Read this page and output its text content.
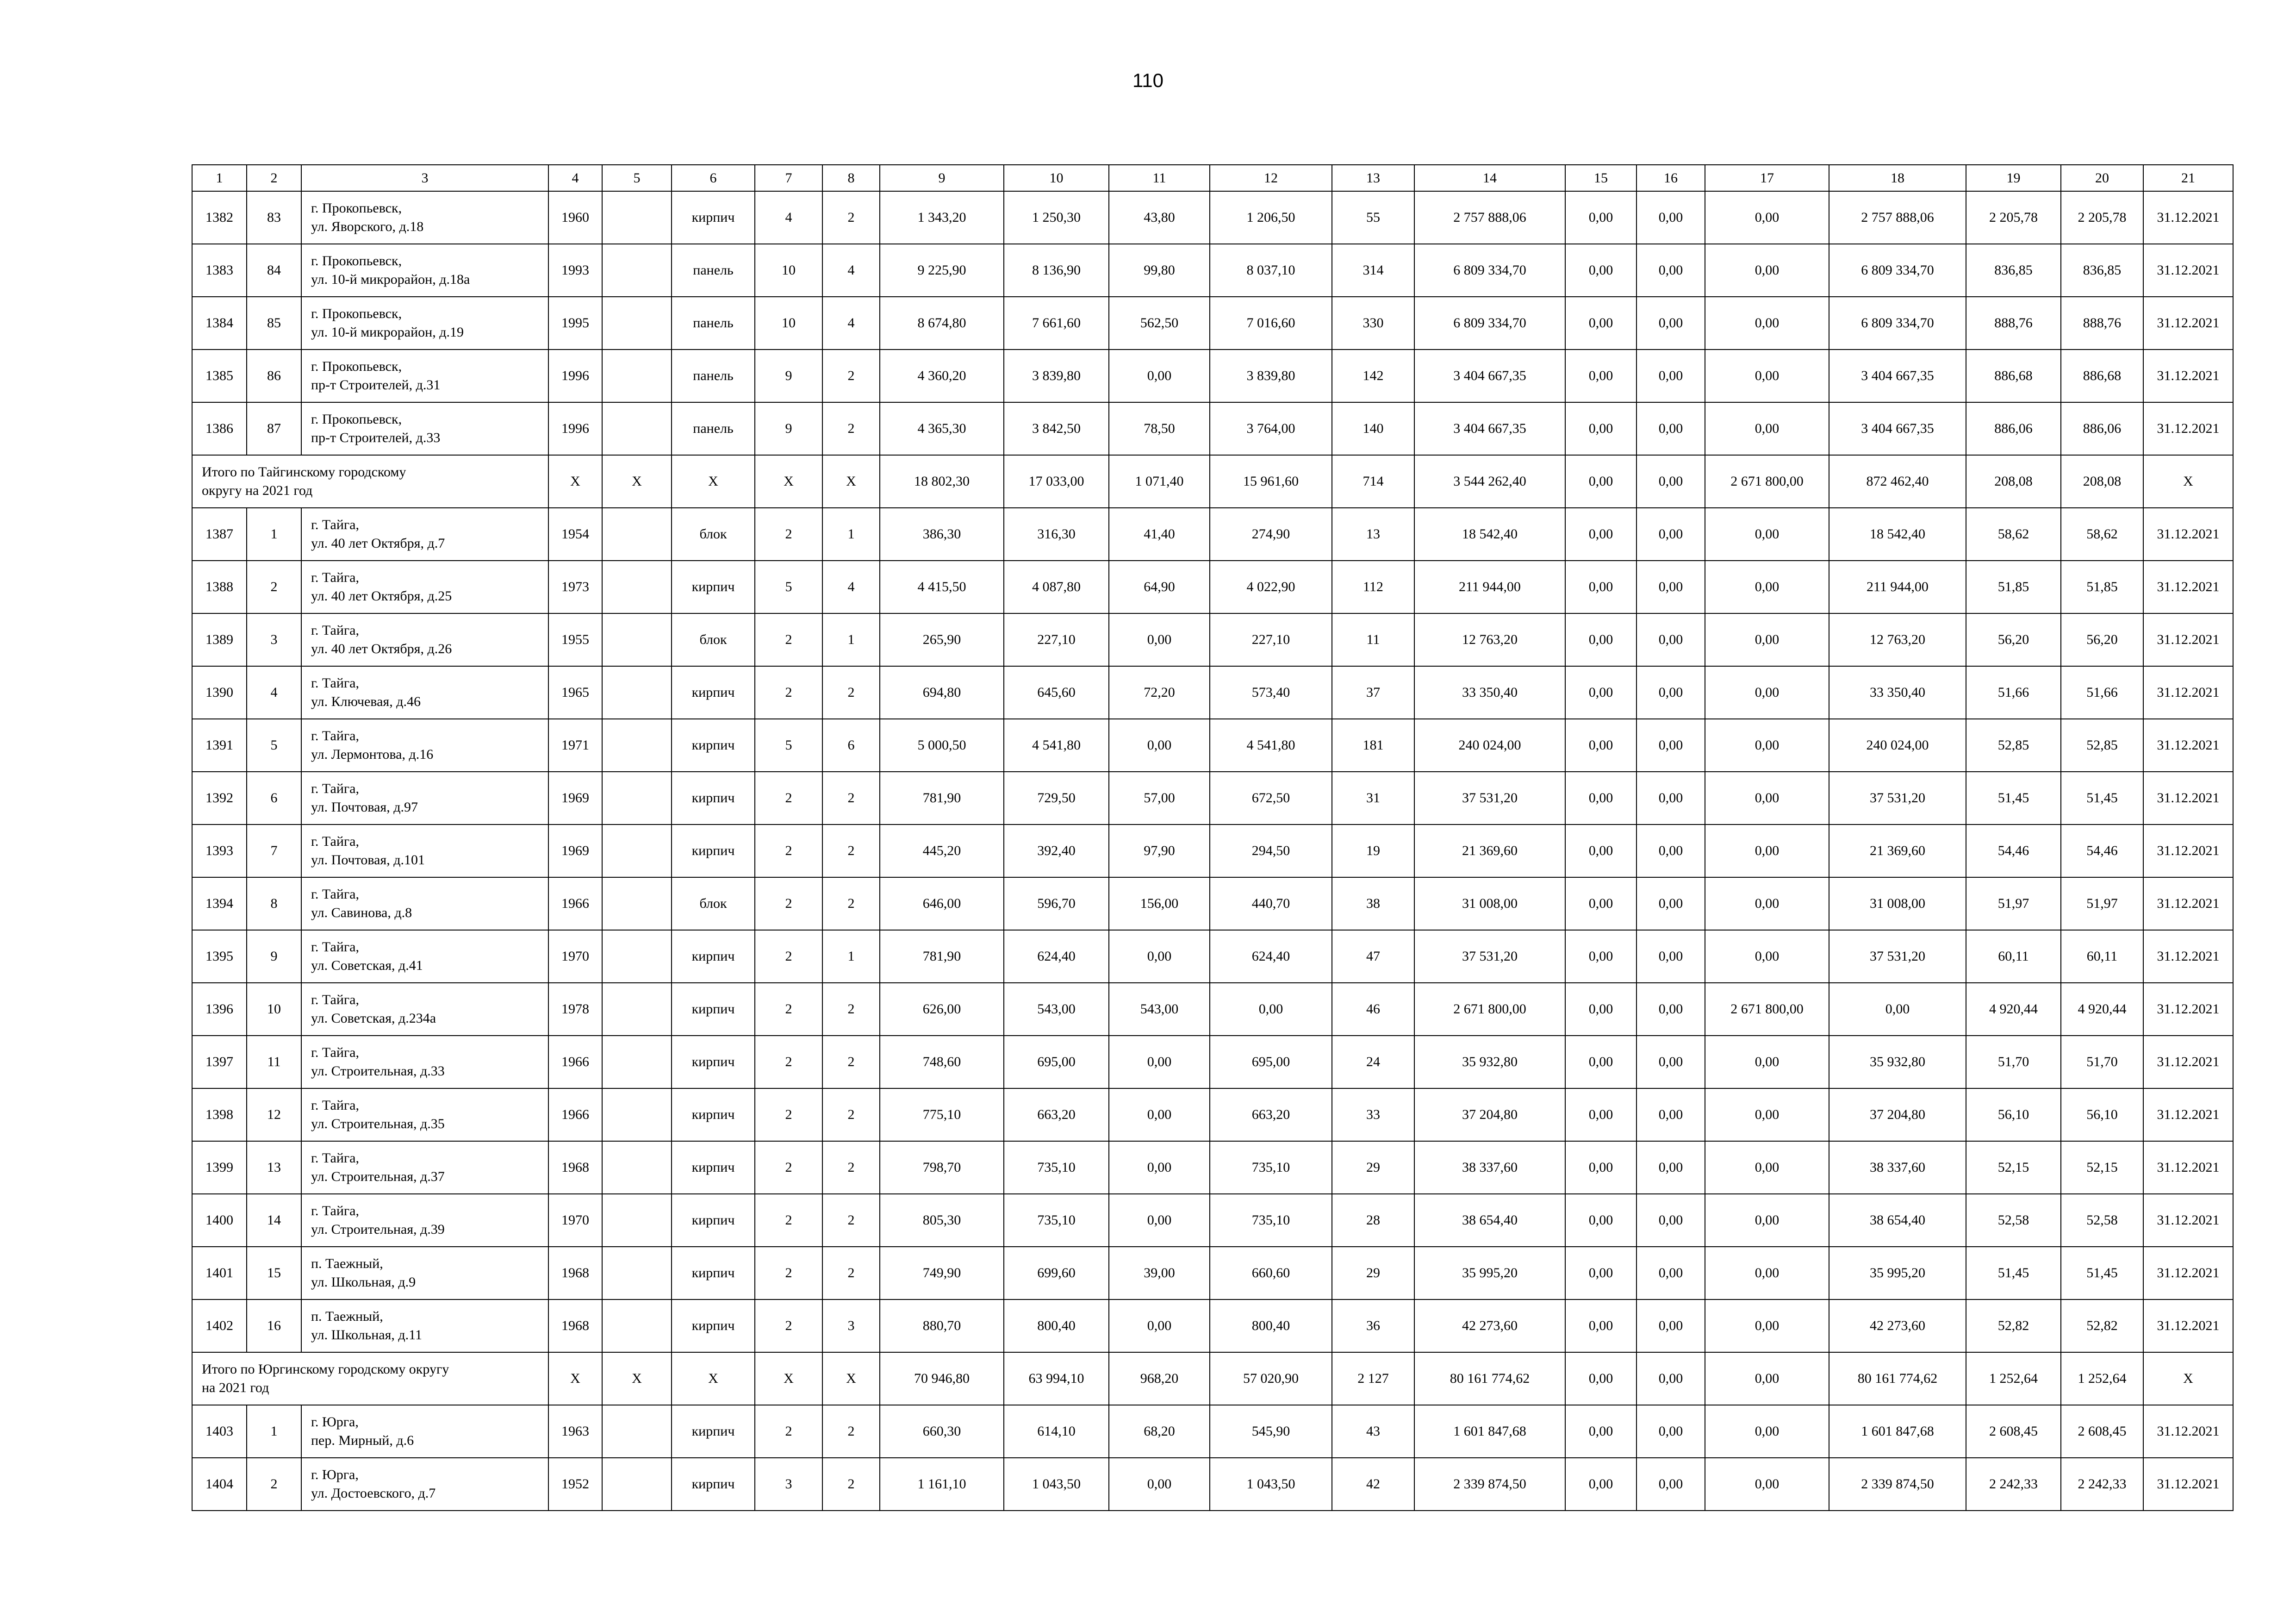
110
1	2	3	4	5	6	7	8	9	10	11	12	13	14	15	16	17	18	19	20	21
1382	83	г. Прокопьевск,
ул. Яворского, д.18	1960		кирпич	4	2	1 343,20	1 250,30	43,80	1 206,50	55	2 757 888,06	0,00	0,00	0,00	2 757 888,06	2 205,78	2 205,78	31.12.2021
1383	84	г. Прокопьевск,
ул. 10-й микрорайон, д.18а	1993		панель	10	4	9 225,90	8 136,90	99,80	8 037,10	314	6 809 334,70	0,00	0,00	0,00	6 809 334,70	836,85	836,85	31.12.2021
1384	85	г. Прокопьевск,
ул. 10-й микрорайон, д.19	1995		панель	10	4	8 674,80	7 661,60	562,50	7 016,60	330	6 809 334,70	0,00	0,00	0,00	6 809 334,70	888,76	888,76	31.12.2021
1385	86	г. Прокопьевск,
пр-т Строителей, д.31	1996		панель	9	2	4 360,20	3 839,80	0,00	3 839,80	142	3 404 667,35	0,00	0,00	0,00	3 404 667,35	886,68	886,68	31.12.2021
1386	87	г. Прокопьевск,
пр-т Строителей, д.33	1996		панель	9	2	4 365,30	3 842,50	78,50	3 764,00	140	3 404 667,35	0,00	0,00	0,00	3 404 667,35	886,06	886,06	31.12.2021

Итого по Тайгинскому городскому
округу на 2021 год			X	X	X	X	X	18 802,30	17 033,00	1 071,40	15 961,60	714	3 544 262,40	0,00	0,00	2 671 800,00	872 462,40	208,08	208,08	X
1387	1	г. Тайга,
ул. 40 лет Октября, д.7	1954		блок	2	1	386,30	316,30	41,40	274,90	13	18 542,40	0,00	0,00	0,00	18 542,40	58,62	58,62	31.12.2021
1388	2	г. Тайга,
ул. 40 лет Октября, д.25	1973		кирпич	5	4	4 415,50	4 087,80	64,90	4 022,90	112	211 944,00	0,00	0,00	0,00	211 944,00	51,85	51,85	31.12.2021
1389	3	г. Тайга,
ул. 40 лет Октября, д.26	1955		блок	2	1	265,90	227,10	0,00	227,10	11	12 763,20	0,00	0,00	0,00	12 763,20	56,20	56,20	31.12.2021
1390	4	г. Тайга,
ул. Ключевая, д.46	1965		кирпич	2	2	694,80	645,60	72,20	573,40	37	33 350,40	0,00	0,00	0,00	33 350,40	51,66	51,66	31.12.2021
1391	5	г. Тайга,
ул. Лермонтова, д.16	1971		кирпич	5	6	5 000,50	4 541,80	0,00	4 541,80	181	240 024,00	0,00	0,00	0,00	240 024,00	52,85	52,85	31.12.2021
1392	6	г. Тайга,
ул. Почтовая, д.97	1969		кирпич	2	2	781,90	729,50	57,00	672,50	31	37 531,20	0,00	0,00	0,00	37 531,20	51,45	51,45	31.12.2021
1393	7	г. Тайга,
ул. Почтовая, д.101	1969		кирпич	2	2	445,20	392,40	97,90	294,50	19	21 369,60	0,00	0,00	0,00	21 369,60	54,46	54,46	31.12.2021
1394	8	г. Тайга,
ул. Савинова, д.8	1966		блок	2	2	646,00	596,70	156,00	440,70	38	31 008,00	0,00	0,00	0,00	31 008,00	51,97	51,97	31.12.2021
1395	9	г. Тайга,
ул. Советская, д.41	1970		кирпич	2	1	781,90	624,40	0,00	624,40	47	37 531,20	0,00	0,00	0,00	37 531,20	60,11	60,11	31.12.2021
1396	10	г. Тайга,
ул. Советская, д.234а	1978		кирпич	2	2	626,00	543,00	543,00	0,00	46	2 671 800,00	0,00	0,00	2 671 800,00	0,00	4 920,44	4 920,44	31.12.2021
1397	11	г. Тайга,
ул. Строительная, д.33	1966		кирпич	2	2	748,60	695,00	0,00	695,00	24	35 932,80	0,00	0,00	0,00	35 932,80	51,70	51,70	31.12.2021
1398	12	г. Тайга,
ул. Строительная, д.35	1966		кирпич	2	2	775,10	663,20	0,00	663,20	33	37 204,80	0,00	0,00	0,00	37 204,80	56,10	56,10	31.12.2021
1399	13	г. Тайга,
ул. Строительная, д.37	1968		кирпич	2	2	798,70	735,10	0,00	735,10	29	38 337,60	0,00	0,00	0,00	38 337,60	52,15	52,15	31.12.2021
1400	14	г. Тайга,
ул. Строительная, д.39	1970		кирпич	2	2	805,30	735,10	0,00	735,10	28	38 654,40	0,00	0,00	0,00	38 654,40	52,58	52,58	31.12.2021
1401	15	п. Таежный,
ул. Школьная, д.9	1968		кирпич	2	2	749,90	699,60	39,00	660,60	29	35 995,20	0,00	0,00	0,00	35 995,20	51,45	51,45	31.12.2021
1402	16	п. Таежный,
ул. Школьная, д.11	1968		кирпич	2	3	880,70	800,40	0,00	800,40	36	42 273,60	0,00	0,00	0,00	42 273,60	52,82	52,82	31.12.2021

Итого по Юргинскому городскому округу
на 2021 год			X	X	X	X	X	70 946,80	63 994,10	968,20	57 020,90	2 127	80 161 774,62	0,00	0,00	0,00	80 161 774,62	1 252,64	1 252,64	X
1403	1	г. Юрга,
пер. Мирный, д.6	1963		кирпич	2	2	660,30	614,10	68,20	545,90	43	1 601 847,68	0,00	0,00	0,00	1 601 847,68	2 608,45	2 608,45	31.12.2021
1404	2	г. Юрга,
ул. Достоевского, д.7	1952		кирпич	3	2	1 161,10	1 043,50	0,00	1 043,50	42	2 339 874,50	0,00	0,00	0,00	2 339 874,50	2 242,33	2 242,33	31.12.2021
